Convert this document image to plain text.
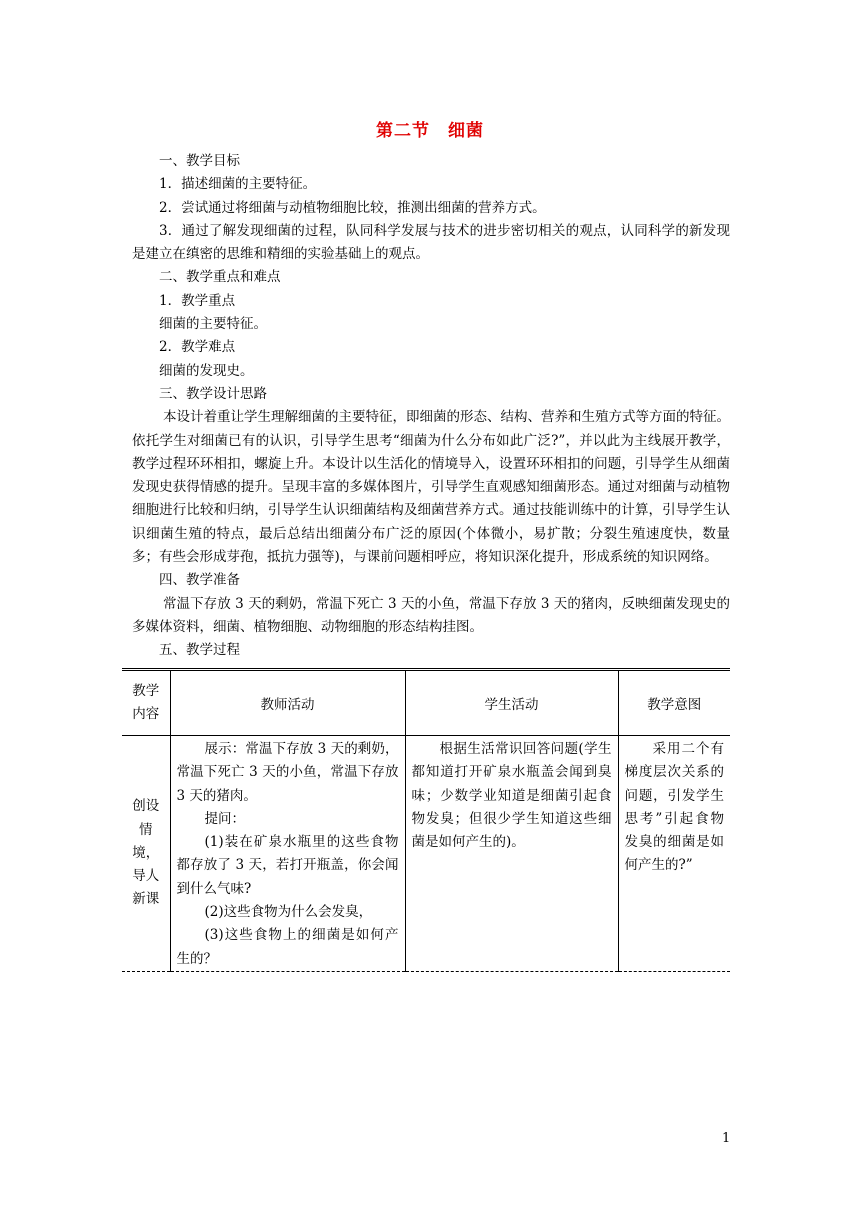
第二节　细菌

一、教学目标

1．描述细菌的主要特征。

2．尝试通过将细菌与动植物细胞比较，推测出细菌的营养方式。

3．通过了解发现细菌的过程，队同科学发展与技术的进步密切相关的观点，认同科学的新发现是建立在缜密的思维和精细的实验基础上的观点。

二、教学重点和难点

1．教学重点

细菌的主要特征。

2．教学难点

细菌的发现史。

三、教学设计思路

本设计着重让学生理解细菌的主要特征，即细菌的形态、结构、营养和生殖方式等方面的特征。依托学生对细菌已有的认识，引导学生思考“细菌为什么分布如此广泛?”，并以此为主线展开教学，教学过程环环相扣，螺旋上升。本设计以生活化的情境导入，设置环环相扣的问题，引导学生从细菌发现史获得情感的提升。呈现丰富的多媒体图片，引导学生直观感知细菌形态。通过对细菌与动植物细胞进行比较和归纳，引导学生认识细菌结构及细菌营养方式。通过技能训练中的计算，引导学生认识细菌生殖的特点，最后总结出细菌分布广泛的原因(个体微小，易扩散；分裂生殖速度快，数量多；有些会形成芽孢，抵抗力强等)，与课前问题相呼应，将知识深化提升，形成系统的知识网络。

四、教学准备

常温下存放 3 天的剩奶，常温下死亡 3 天的小鱼，常温下存放 3 天的猪肉，反映细菌发现史的多媒体资料，细菌、植物细胞、动物细胞的形态结构挂图。

五、教学过程

教学内容	教师活动	学生活动	教学意图

创设情境，导人新课	展示：常温下存放 3 天的剩奶，常温下死亡 3 天的小鱼，常温下存放 3 天的猪肉。

提问：

(1)装在矿泉水瓶里的这些食物都存放了 3 天，若打开瓶盖，你会闻到什么气味?

(2)这些食物为什么会发臭，

(3)这些食物上的细菌是如何产生的？	根据生活常识回答问题(学生都知道打开矿泉水瓶盖会闻到臭味；少数学业知道是细菌引起食物发臭；但很少学生知道这些细菌是如何产生的)。	采用二个有梯度层次关系的问题，引发学生思考”引起食物发臭的细菌是如何产生的?”

1
